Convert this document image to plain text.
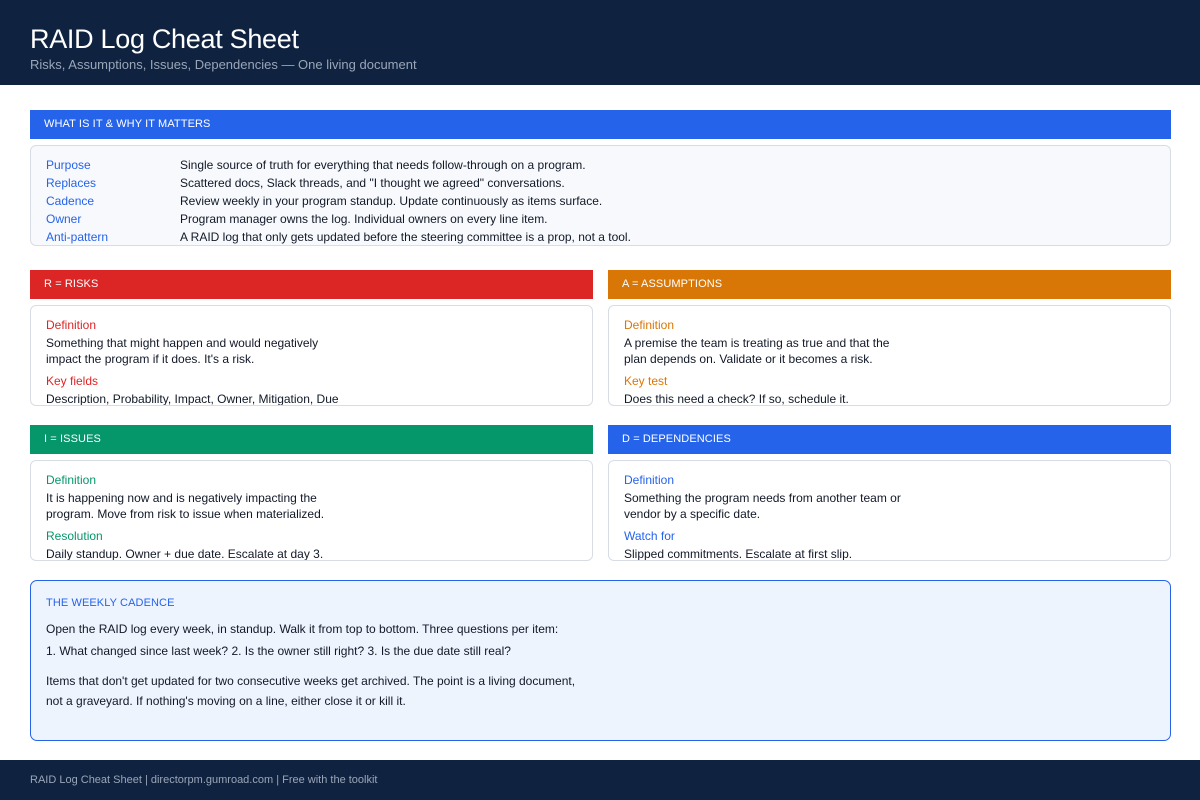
RAID Log Cheat Sheet
Risks, Assumptions, Issues, Dependencies — One living document
WHAT IS IT & WHY IT MATTERS
Purpose	Single source of truth for everything that needs follow-through on a program.
Replaces	Scattered docs, Slack threads, and "I thought we agreed" conversations.
Cadence	Review weekly in your program standup. Update continuously as items surface.
Owner	Program manager owns the log. Individual owners on every line item.
Anti-pattern	A RAID log that only gets updated before the steering committee is a prop, not a tool.
R = RISKS
Definition
Something that might happen and would negatively
impact the program if it does. It's a risk.
Key fields
Description, Probability, Impact, Owner, Mitigation, Due
A = ASSUMPTIONS
Definition
A premise the team is treating as true and that the
plan depends on. Validate or it becomes a risk.
Key test
Does this need a check? If so, schedule it.
I = ISSUES
Definition
It is happening now and is negatively impacting the
program. Move from risk to issue when materialized.
Resolution
Daily standup. Owner + due date. Escalate at day 3.
D = DEPENDENCIES
Definition
Something the program needs from another team or
vendor by a specific date.
Watch for
Slipped commitments. Escalate at first slip.
THE WEEKLY CADENCE
Open the RAID log every week, in standup. Walk it from top to bottom. Three questions per item:
1. What changed since last week? 2. Is the owner still right? 3. Is the due date still real?
Items that don't get updated for two consecutive weeks get archived. The point is a living document,
not a graveyard. If nothing's moving on a line, either close it or kill it.
RAID Log Cheat Sheet | directorpm.gumroad.com | Free with the toolkit
